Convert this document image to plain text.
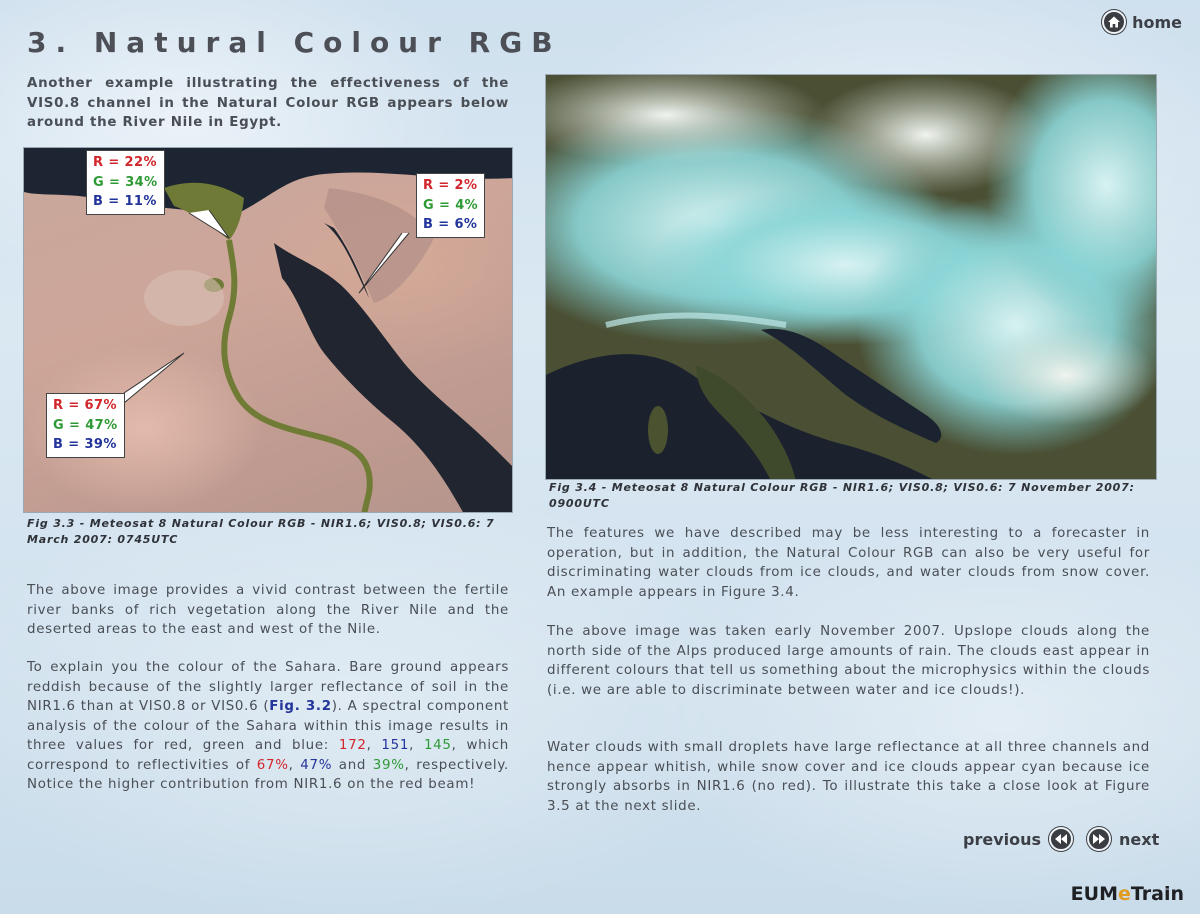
3. Natural Colour RGB
home
Another example illustrating the effectiveness of the VIS0.8 channel in the Natural Colour RGB appears below around the River Nile in Egypt.
R = 22%
G = 34%
B = 11%
R = 2%
G = 4%
B = 6%
R = 67%
G = 47%
B = 39%
Fig 3.3 - Meteosat 8 Natural Colour RGB - NIR1.6; VIS0.8; VIS0.6: 7 March 2007: 0745UTC
The above image provides a vivid contrast between the fertile river banks of rich vegetation along the River Nile and the deserted areas to the east and west of the Nile.
To explain you the colour of the Sahara. Bare ground appears reddish because of the slightly larger reflectance of soil in the NIR1.6 than at VIS0.8 or VIS0.6 (Fig. 3.2). A spectral component analysis of the colour of the Sahara within this image results in three values for red, green and blue: 172, 151, 145, which correspond to reflectivities of 67%, 47% and 39%, respectively. Notice the higher contribution from NIR1.6 on the red beam!
Fig 3.4 - Meteosat 8 Natural Colour RGB - NIR1.6; VIS0.8; VIS0.6: 7 November 2007: 0900UTC
The features we have described may be less interesting to a forecaster in operation, but in addition, the Natural Colour RGB can also be very useful for discriminating water clouds from ice clouds, and water clouds from snow cover. An example appears in Figure 3.4.
The above image was taken early November 2007. Upslope clouds along the north side of the Alps produced large amounts of rain. The clouds east appear in different colours that tell us something about the microphysics within the clouds (i.e. we are able to discriminate between water and ice clouds!).
Water clouds with small droplets have large reflectance at all three channels and hence appear whitish, while snow cover and ice clouds appear cyan because ice strongly absorbs in NIR1.6 (no red). To illustrate this take a close look at Figure 3.5 at the next slide.
previous	next
EUMeTrain
